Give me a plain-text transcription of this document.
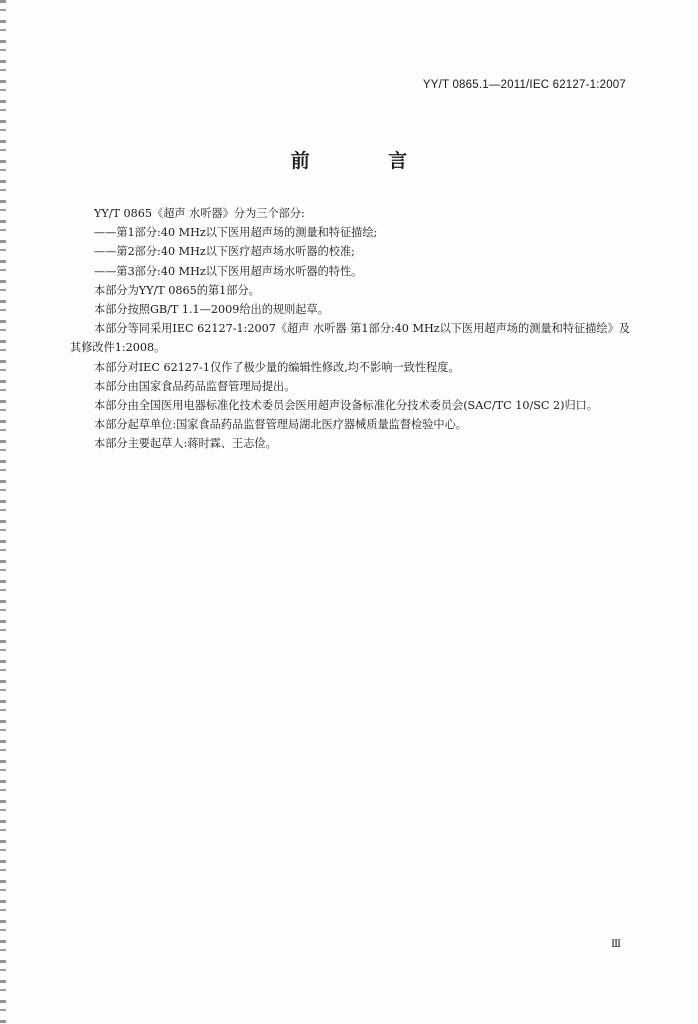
YY/T 0865.1—2011/IEC 62127-1:2007
前 言

YY/T 0865《超声 水听器》分为三个部分:

——第1部分:40 MHz以下医用超声场的测量和特征描绘;

——第2部分:40 MHz以下医疗超声场水听器的校准;

——第3部分:40 MHz以下医用超声场水听器的特性。

本部分为YY/T 0865的第1部分。

本部分按照GB/T 1.1—2009给出的规则起草。

本部分等同采用IEC 62127-1:2007《超声 水听器 第1部分:40 MHz以下医用超声场的测量和特征描绘》及其修改件1:2008。

本部分对IEC 62127-1仅作了极少量的编辑性修改,均不影响一致性程度。

本部分由国家食品药品监督管理局提出。

本部分由全国医用电器标准化技术委员会医用超声设备标准化分技术委员会(SAC/TC 10/SC 2)归口。

本部分起草单位:国家食品药品监督管理局湖北医疗器械质量监督检验中心。

本部分主要起草人:蒋时霖、王志俭。

Ⅲ
